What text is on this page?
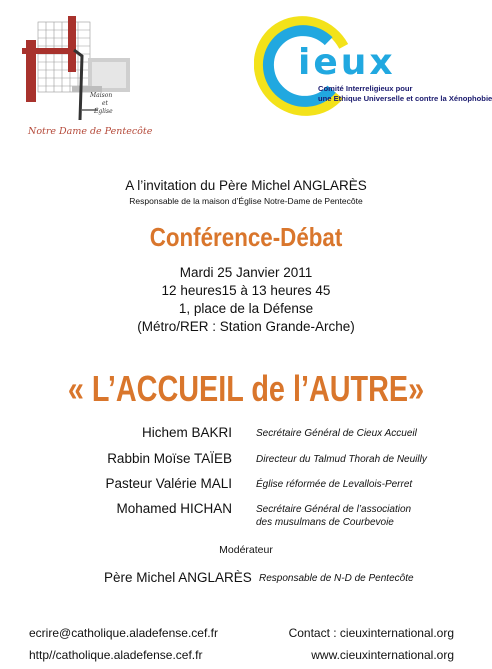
Maison
et
Église
Notre Dame de Pentecôte
ieux
Comité Interreligieux pour
une Ethique Universelle et contre la Xénophobie
A l’invitation du Père Michel ANGLARÈS
Responsable de la maison d’Église Notre-Dame de Pentecôte
Conférence-Débat
Mardi 25 Janvier 2011
12 heures15 à 13 heures 45
1, place de la Défense
(Métro/RER : Station Grande-Arche)
« L’ACCUEIL de l’AUTRE»
Hichem BAKRI Secrétaire Général de Cieux Accueil
Rabbin Moïse TAÏEB Directeur du Talmud Thorah de Neuilly
Pasteur Valérie MALI Église réformée de Levallois-Perret
Mohamed HICHAN Secrétaire Général de l’association
des musulmans de Courbevoie
Modérateur
Père Michel ANGLARÈS Responsable de N-D de Pentecôte
ecrire@catholique.aladefense.cef.fr
http//catholique.aladefense.cef.fr
Contact : cieuxinternational.org
www.cieuxinternational.org
